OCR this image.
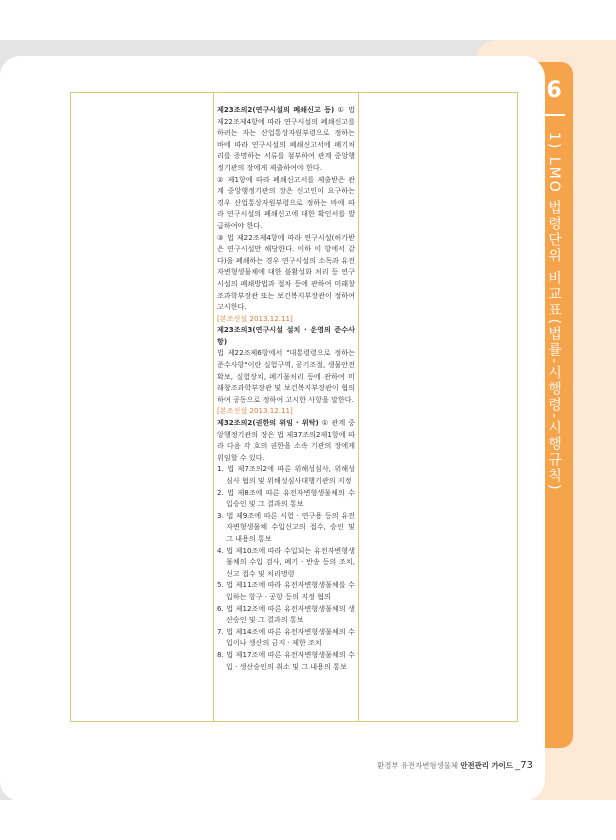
6
1) LMO 법령단위 비교표(법률-시행령-시행규칙)

제23조의2(연구시설의 폐쇄신고 등) ① 법 제22조제4항에 따라 연구시설의 폐쇄신고를 하려는 자는 산업통상자원부령으로 정하는 바에 따라 연구시설의 폐쇄신고서에 폐기처리를 증명하는 서류를 첨부하여 관계 중앙행정기관의 장에게 제출하여야 한다.

② 제1항에 따라 폐쇄신고서를 제출받은 관계 중앙행정기관의 장은 신고인이 요구하는 경우 산업통상자원부령으로 정하는 바에 따라 연구시설의 폐쇄신고에 대한 확인서를 발급하여야 한다.

③ 법 제22조제4항에 따라 연구시설(허가받은 연구시설만 해당한다. 이하 이 항에서 같다)을 폐쇄하는 경우 연구시설의 소독과 유전자변형생물체에 대한 불활성화 처리 등 연구시설의 폐쇄방법과 절차 등에 관하여 미래창조과학부장관 또는 보건복지부장관이 정하여 고시한다.

[본조신설 2013.12.11]

제23조의3(연구시설 설치 · 운영의 준수사항)

법 제22조제6항에서 "대통령령으로 정하는 준수사항"이란 실험구역, 공기조절, 생물안전확보, 실험장치, 폐기물처리 등에 관하여 미래창조과학부장관 및 보건복지부장관이 협의하여 공동으로 정하여 고시한 사항을 말한다.

[본조신설 2013.12.11]

제32조의2(권한의 위임 · 위탁) ① 관계 중앙행정기관의 장은 법 제37조의2제1항에 따라 다음 각 호의 권한을 소속 기관의 장에게 위임할 수 있다.

1. 법 제7조의2에 따른 위해성심사, 위해성심사 협의 및 위해성심사대행기관의 지정

2. 법 제8조에 따른 유전자변형생물체의 수입승인 및 그 결과의 통보

3. 법 제9조에 따른 시험 · 연구용 등의 유전자변형생물체 수입신고의 접수, 승인 및 그 내용의 통보

4. 법 제10조에 따라 수입되는 유전자변형생물체의 수입 검사, 폐기 · 반송 등의 조치, 신고 접수 및 처리명령

5. 법 제11조에 따라 유전자변형생물체를 수입하는 항구 · 공항 등의 지정 협의

6. 법 제12조에 따른 유전자변형생물체의 생산승인 및 그 결과의 통보

7. 법 제14조에 따른 유전자변형생물체의 수입이나 생산의 금지 · 제한 조치

8. 법 제17조에 따른 유전자변형생물체의 수입 · 생산승인의 취소 및 그 내용의 통보

환경부 유전자변형생물체 안전관리 가이드 _73
